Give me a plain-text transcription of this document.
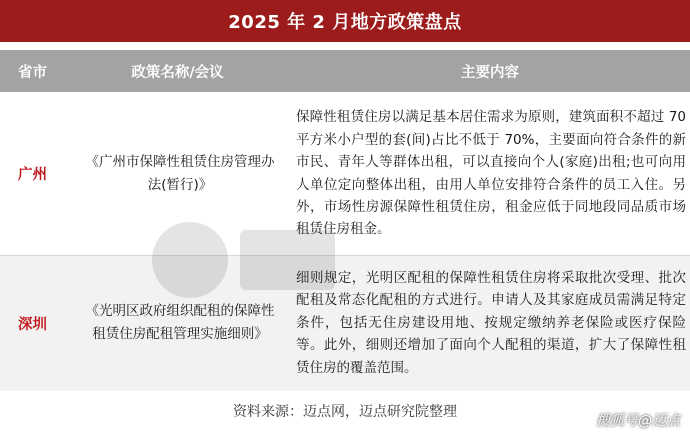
2025 年 2 月地方政策盘点
省市	政策名称/会议	主要内容
广州
《广州市保障性租赁住房管理办法(暂行)》
保障性租赁住房以满足基本居住需求为原则，建筑面积不超过 70 平方米小户型的套(间)占比不低于 70%，主要面向符合条件的新市民、青年人等群体出租，可以直接向个人(家庭)出租;也可向用人单位定向整体出租，由用人单位安排符合条件的员工入住。另外，市场性房源保障性租赁住房，租金应低于同地段同品质市场租赁住房租金。
深圳
《光明区政府组织配租的保障性租赁住房配租管理实施细则》
细则规定，光明区配租的保障性租赁住房将采取批次受理、批次配租及常态化配租的方式进行。申请人及其家庭成员需满足特定条件，包括无住房建设用地、按规定缴纳养老保险或医疗保险等。此外，细则还增加了面向个人配租的渠道，扩大了保障性租赁住房的覆盖范围。
资料来源：迈点网，迈点研究院整理
搜狐号@迈点
